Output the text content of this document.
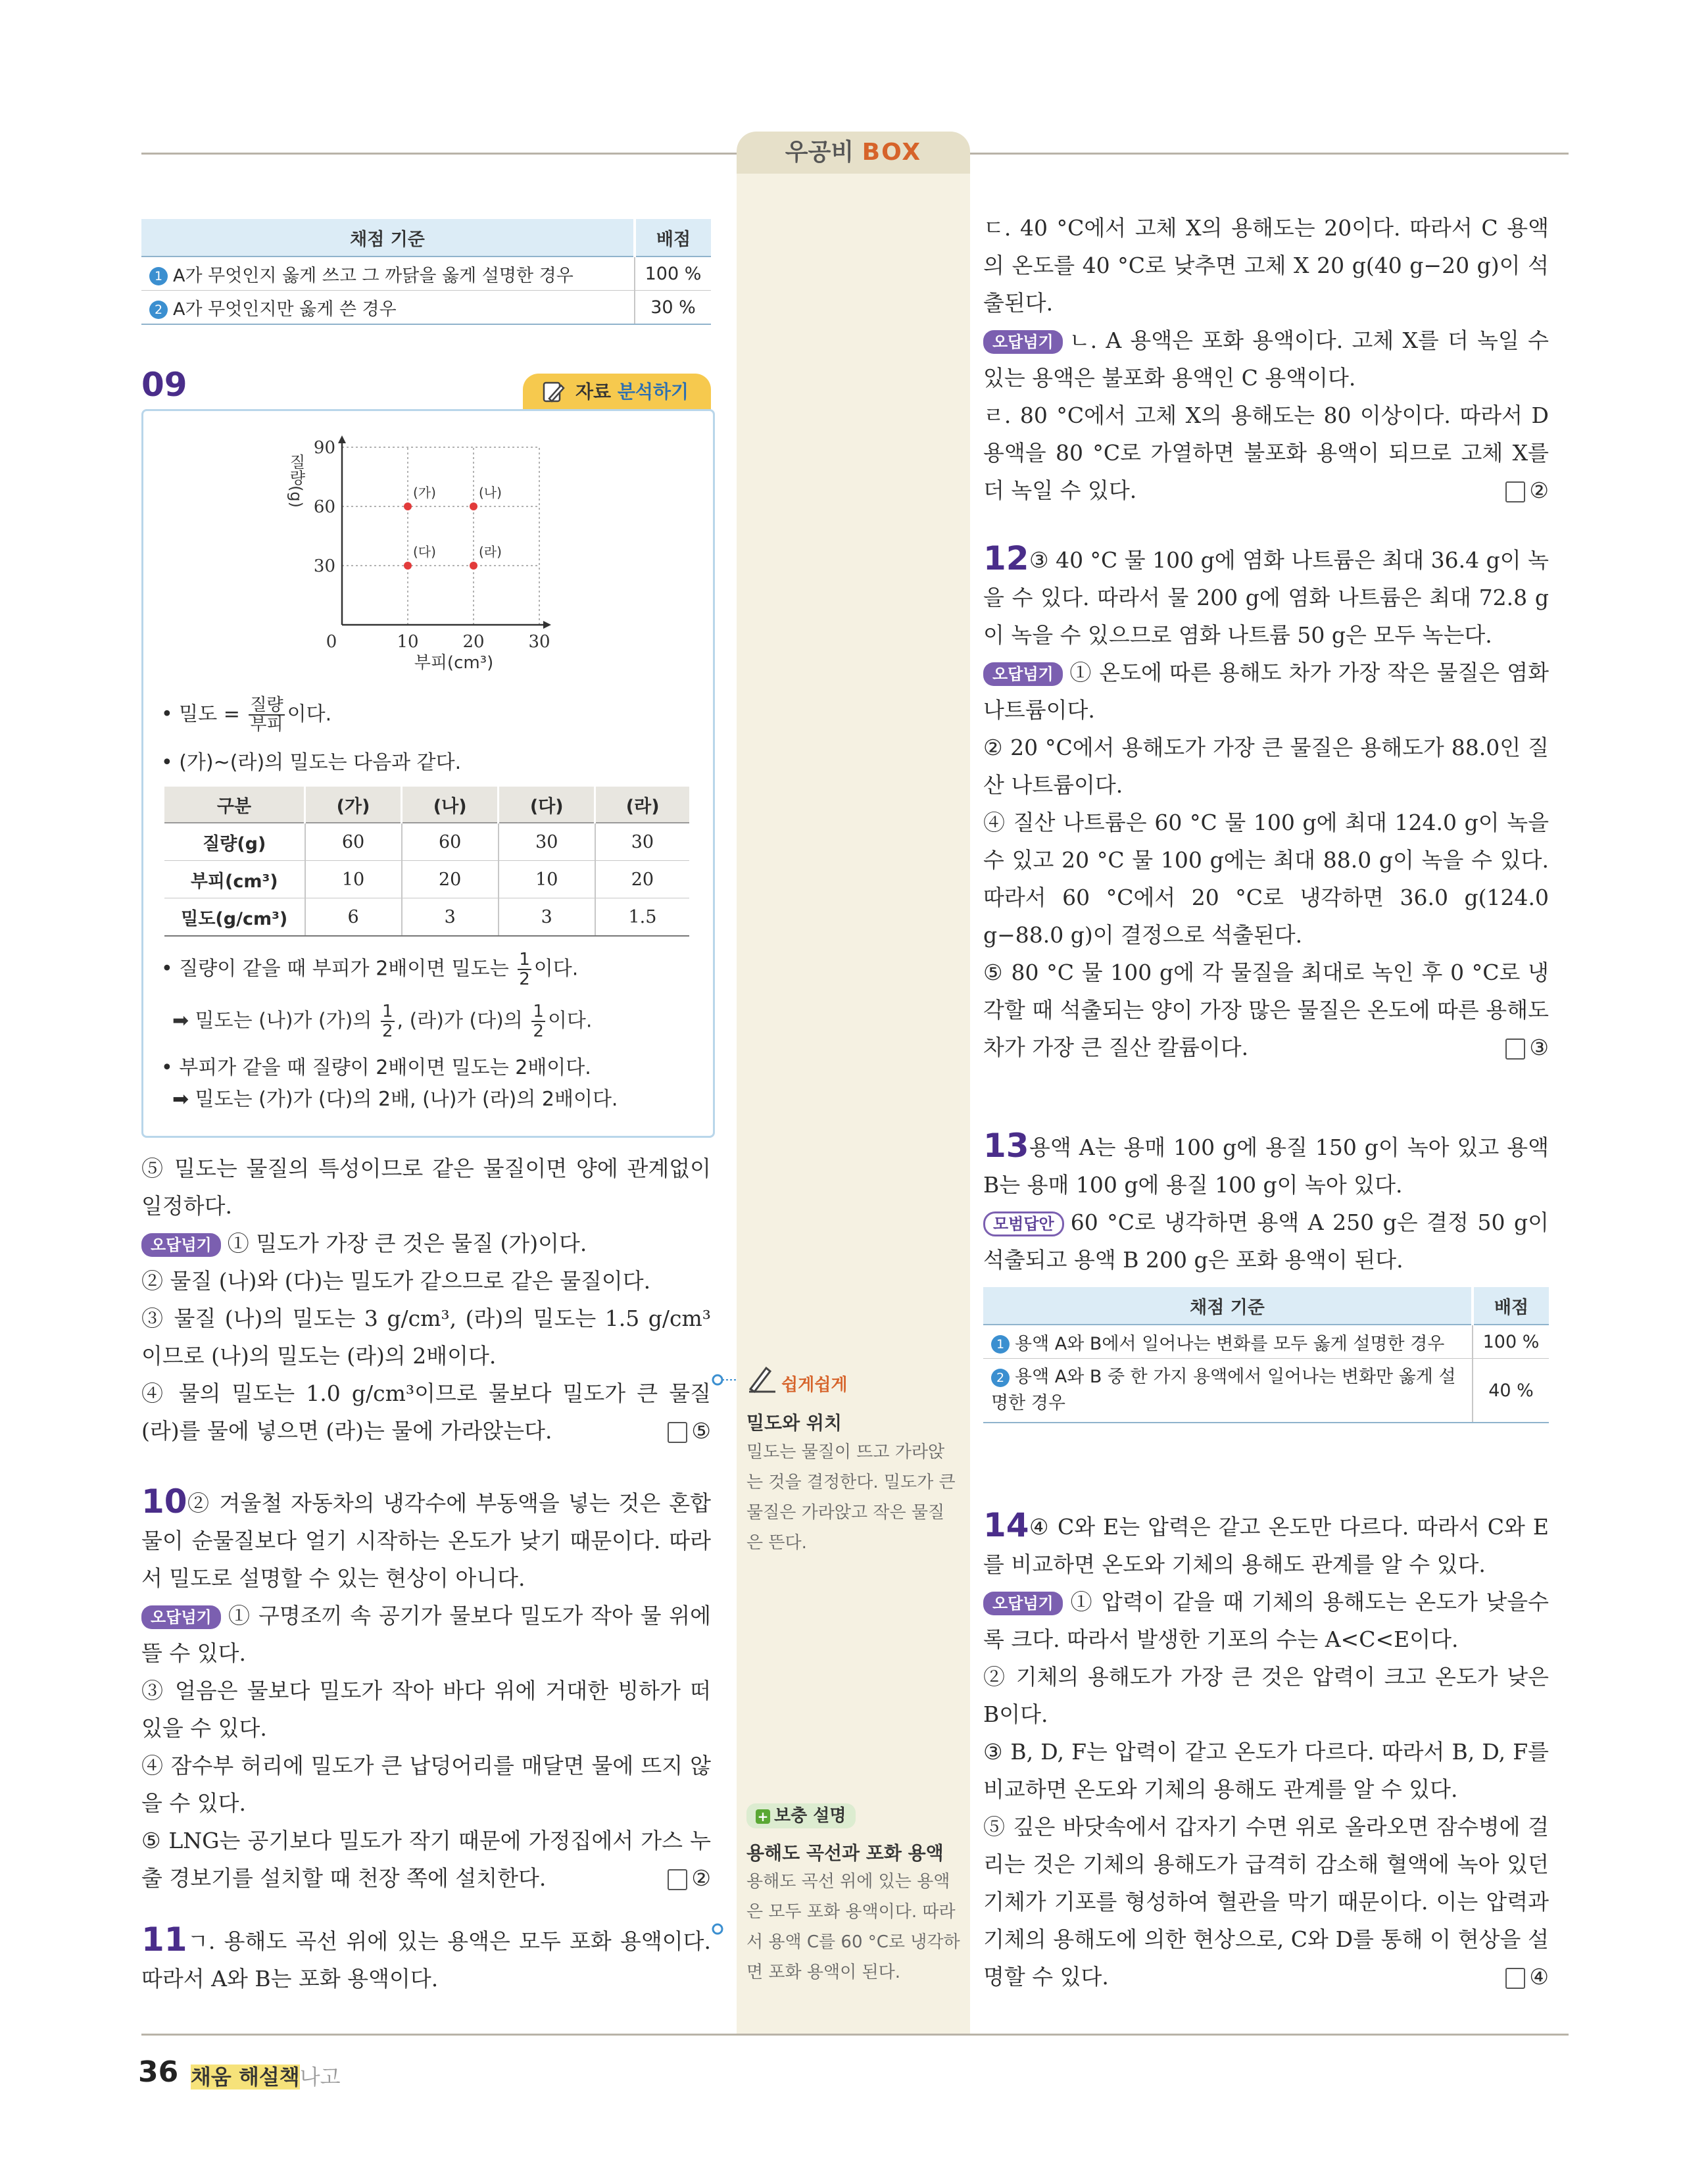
우공비 BOX
채점 기준	배점
1 A가 무엇인지 옳게 쓰고 그 까닭을 옳게 설명한 경우	100 %
2 A가 무엇인지만 옳게 쓴 경우	30 %
09	자료 분석하기
0	10	20	30
30
60
90
부피(cm³)
질량(g)	(가)	(나)
(다)	(라)
• 밀도 = $\frac{\text{질량}}{\text{부피}}$ 이다.
• (가)~(라)의 밀도는 다음과 같다.
구분	(가)	(나)	(다)	(라)
질량(g)	60	60	30	30
부피(cm³)	10	20	10	20
밀도(g/cm³)	6	3	3	1.5
• 질량이 같을 때 부피가 2배이면 밀도는 $\frac{1}{2}$ 이다.
➡ 밀도는 (나)가 (가)의 $\frac{1}{2}$ , (라)가 (다)의 $\frac{1}{2}$ 이다.
• 부피가 같을 때 질량이 2배이면 밀도는 2배이다.
➡ 밀도는 (가)가 (다)의 2배, (나)가 (라)의 2배이다.

⑤ 밀도는 물질의 특성이므로 같은 물질이면 양에 관계없이 일정하다.

오답넘기 ① 밀도가 가장 큰 것은 물질 (가)이다.

② 물질 (나)와 (다)는 밀도가 같으므로 같은 물질이다.

③ 물질 (나)의 밀도는 3 g/cm³, (라)의 밀도는 1.5 g/cm³이므로 (나)의 밀도는 (라)의 2배이다.

④ 물의 밀도는 1.0 g/cm³이므로 물보다 밀도가 큰 물질 (라)를 물에 넣으면 (라)는 물에 가라앉는다.	⑤

10 ② 겨울철 자동차의 냉각수에 부동액을 넣는 것은 혼합물이 순물질보다 얼기 시작하는 온도가 낮기 때문이다. 따라서 밀도로 설명할 수 있는 현상이 아니다.

오답넘기 ① 구명조끼 속 공기가 물보다 밀도가 작아 물 위에 뜰 수 있다.

③ 얼음은 물보다 밀도가 작아 바다 위에 거대한 빙하가 떠 있을 수 있다.

④ 잠수부 허리에 밀도가 큰 납덩어리를 매달면 물에 뜨지 않을 수 있다.

⑤ LNG는 공기보다 밀도가 작기 때문에 가정집에서 가스 누출 경보기를 설치할 때 천장 쪽에 설치한다.	②

11 ㄱ. 용해도 곡선 위에 있는 용액은 모두 포화 용액이다. 따라서 A와 B는 포화 용액이다.

쉽게쉽게
밀도와 위치
밀도는 물질이 뜨고 가라앉는 것을 결정한다. 밀도가 큰 물질은 가라앉고 작은 물질은 뜬다.
+ 보충 설명
용해도 곡선과 포화 용액
용해도 곡선 위에 있는 용액은 모두 포화 용액이다. 따라서 용액 C를 60 °C로 냉각하면 포화 용액이 된다.

ㄷ. 40 °C에서 고체 X의 용해도는 20이다. 따라서 C 용액의 온도를 40 °C로 낮추면 고체 X 20 g(40 g−20 g)이 석출된다.

오답넘기 ㄴ. A 용액은 포화 용액이다. 고체 X를 더 녹일 수 있는 용액은 불포화 용액인 C 용액이다.

ㄹ. 80 °C에서 고체 X의 용해도는 80 이상이다. 따라서 D 용액을 80 °C로 가열하면 불포화 용액이 되므로 고체 X를 더 녹일 수 있다.	②

12 ③ 40 °C 물 100 g에 염화 나트륨은 최대 36.4 g이 녹을 수 있다. 따라서 물 200 g에 염화 나트륨은 최대 72.8 g이 녹을 수 있으므로 염화 나트륨 50 g은 모두 녹는다.

오답넘기 ① 온도에 따른 용해도 차가 가장 작은 물질은 염화 나트륨이다.

② 20 °C에서 용해도가 가장 큰 물질은 용해도가 88.0인 질산 나트륨이다.

④ 질산 나트륨은 60 °C 물 100 g에 최대 124.0 g이 녹을 수 있고 20 °C 물 100 g에는 최대 88.0 g이 녹을 수 있다. 따라서 60 °C에서 20 °C로 냉각하면 36.0 g(124.0 g−88.0 g)이 결정으로 석출된다.

⑤ 80 °C 물 100 g에 각 물질을 최대로 녹인 후 0 °C로 냉각할 때 석출되는 양이 가장 많은 물질은 온도에 따른 용해도 차가 가장 큰 질산 칼륨이다.	③

13 용액 A는 용매 100 g에 용질 150 g이 녹아 있고 용액 B는 용매 100 g에 용질 100 g이 녹아 있다.

모범답안 60 °C로 냉각하면 용액 A 250 g은 결정 50 g이 석출되고 용액 B 200 g은 포화 용액이 된다.

채점 기준	배점
1 용액 A와 B에서 일어나는 변화를 모두 옳게 설명한 경우	100 %
2 용액 A와 B 중 한 가지 용액에서 일어나는 변화만 옳게 설명한 경우	40 %
14 ④ C와 E는 압력은 같고 온도만 다르다. 따라서 C와 E를 비교하면 온도와 기체의 용해도 관계를 알 수 있다.

오답넘기 ① 압력이 같을 때 기체의 용해도는 온도가 낮을수록 크다. 따라서 발생한 기포의 수는 A<C<E이다.

② 기체의 용해도가 가장 큰 것은 압력이 크고 온도가 낮은 B이다.

③ B, D, F는 압력이 같고 온도가 다르다. 따라서 B, D, F를 비교하면 온도와 기체의 용해도 관계를 알 수 있다.

⑤ 깊은 바닷속에서 갑자기 수면 위로 올라오면 잠수병에 걸리는 것은 기체의 용해도가 급격히 감소해 혈액에 녹아 있던 기체가 기포를 형성하여 혈관을 막기 때문이다. 이는 압력과 기체의 용해도에 의한 현상으로, C와 D를 통해 이 현상을 설명할 수 있다.	④

36 채움 해설책나고
